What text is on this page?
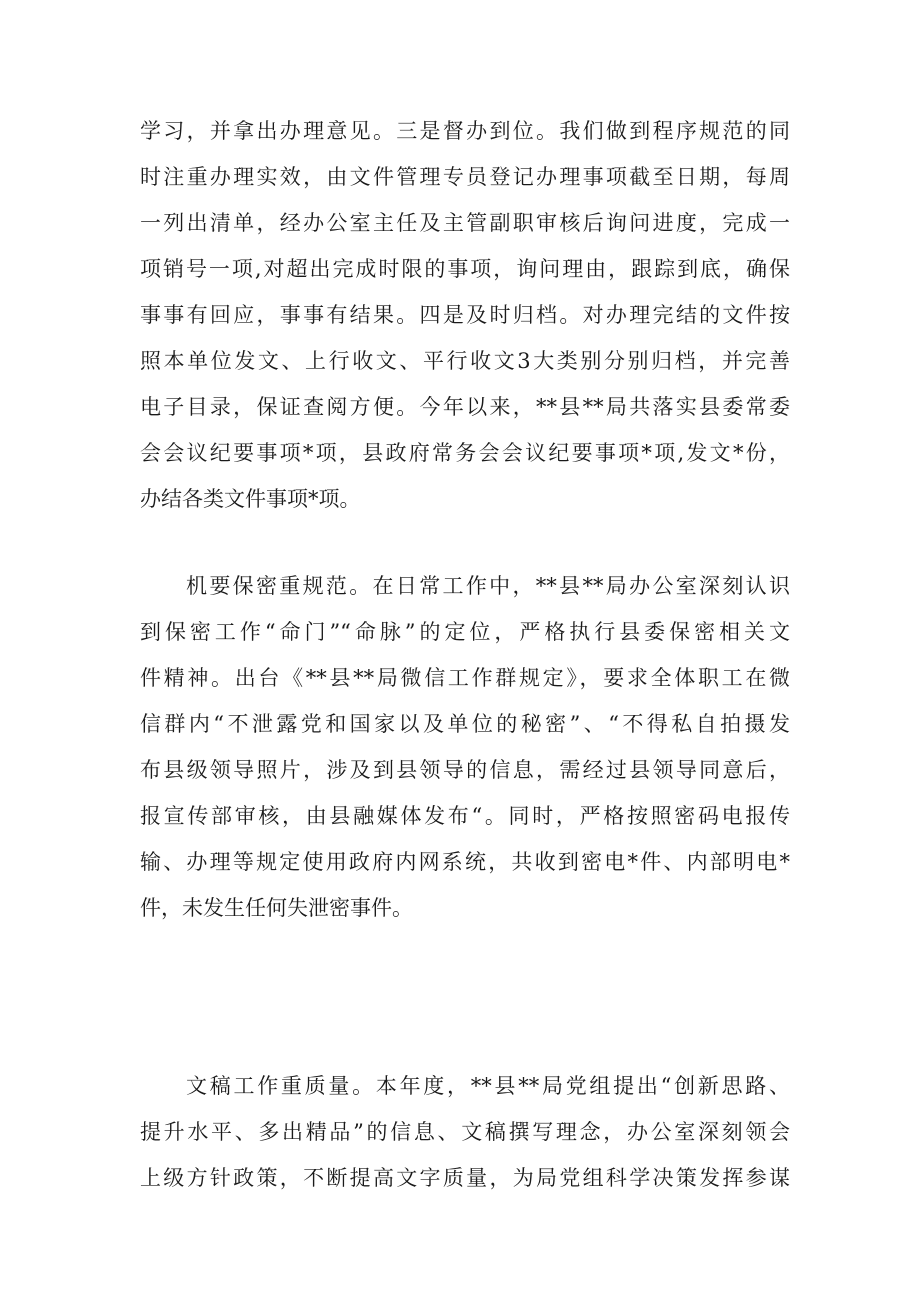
学习，并拿出办理意见。三是督办到位。我们做到程序规范的同
时注重办理实效，由文件管理专员登记办理事项截至日期，每周
一列出清单，经办公室主任及主管副职审核后询问进度，完成一
项销号一项,对超出完成时限的事项，询问理由，跟踪到底，确保
事事有回应，事事有结果。四是及时归档。对办理完结的文件按
照本单位发文、上行收文、平行收文3大类别分别归档，并完善
电子目录，保证查阅方便。今年以来，**县**局共落实县委常委
会会议纪要事项*项，县政府常务会会议纪要事项*项,发文*份，
办结各类文件事项*项。
机要保密重规范。在日常工作中，**县**局办公室深刻认识
到保密工作“命门”“命脉”的定位，严格执行县委保密相关文
件精神。出台《**县**局微信工作群规定》，要求全体职工在微
信群内“不泄露党和国家以及单位的秘密”、“不得私自拍摄发
布县级领导照片，涉及到县领导的信息，需经过县领导同意后，
报宣传部审核，由县融媒体发布“。同时，严格按照密码电报传
输、办理等规定使用政府内网系统，共收到密电*件、内部明电*
件，未发生任何失泄密事件。
文稿工作重质量。本年度，**县**局党组提出“创新思路、
提升水平、多出精品”的信息、文稿撰写理念，办公室深刻领会
上级方针政策，不断提高文字质量，为局党组科学决策发挥参谋
